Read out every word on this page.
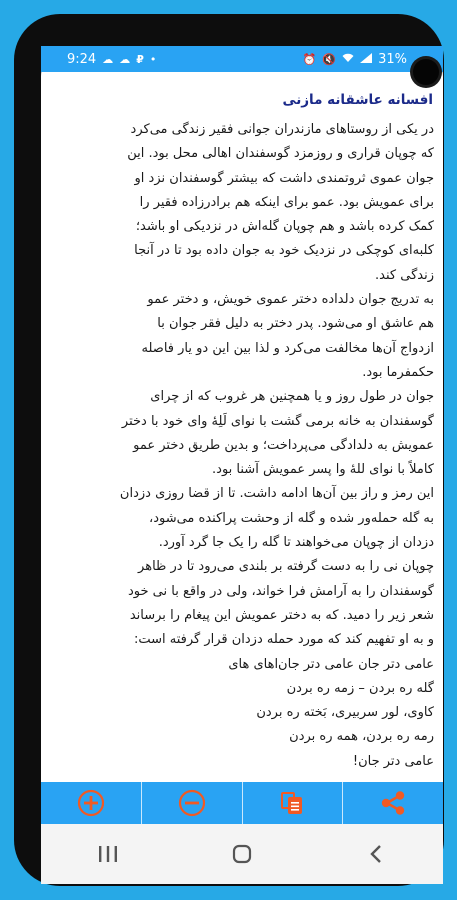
9:24 ☁ ☁ ₽ •	⏰ 🔇	31%
افسانه عاشقانه مازنی
در یکی از روستاهای مازندران جوانی فقیر زندگی می‌کرد
که چوپان قراری و روزمزد گوسفندان اهالی محل بود. این
جوان عموی ثروتمندی داشت که بیشتر گوسفندان نزد او
برای عمویش بود. عمو برای اینکه هم برادرزاده فقیر را
کمک کرده باشد و هم چوپان گله‌اش در نزدیکی او باشد؛
کلبه‌ای کوچکی در نزدیک خود به جوان داده بود تا در آنجا
زندگی کند.
به تدریج جوان دلداده دختر عموی خویش، و دختر عمو
هم عاشق او می‌شود. پدر دختر به دلیل فقر جوان با
ازدواج آن‌ها مخالفت می‌کرد و لذا بین این دو یار فاصله
حکمفرما بود.
جوان در طول روز و یا همچنین هر غروب که از چرای
گوسفندان به خانه برمی گشت با نوای لَلِهٔ وای خود با دختر
عمویش به دلدادگی می‌پرداخت؛ و بدین طریق دختر عمو
کاملاً با نوای للهٔ وا پسر عمویش آشنا بود.
این رمز و راز بین آن‌ها ادامه داشت. تا از قضا روزی دزدان
به گله حمله‌ور شده و گله از وحشت پراکنده می‌شود،
دزدان از چوپان می‌خواهند تا گله را یک جا گرد آورد.
چوپان نی را به دست گرفته بر بلندی می‌رود تا در ظاهر
گوسفندان را به آرامش فرا خواند، ولی در واقع با نی خود
شعر زیر را دمید. که به دختر عمویش این پیغام را برساند
و به او تفهیم کند که مورد حمله دزدان قرار گرفته است:
عامی دتر جان عامی دتر جان‌اهای های
گله ره بردن – زمه ره بردن
کاوی، لور سربیری، بَخته ره بردن
رمه ره بردن، همه ره بردن
عامی دتر جان!
